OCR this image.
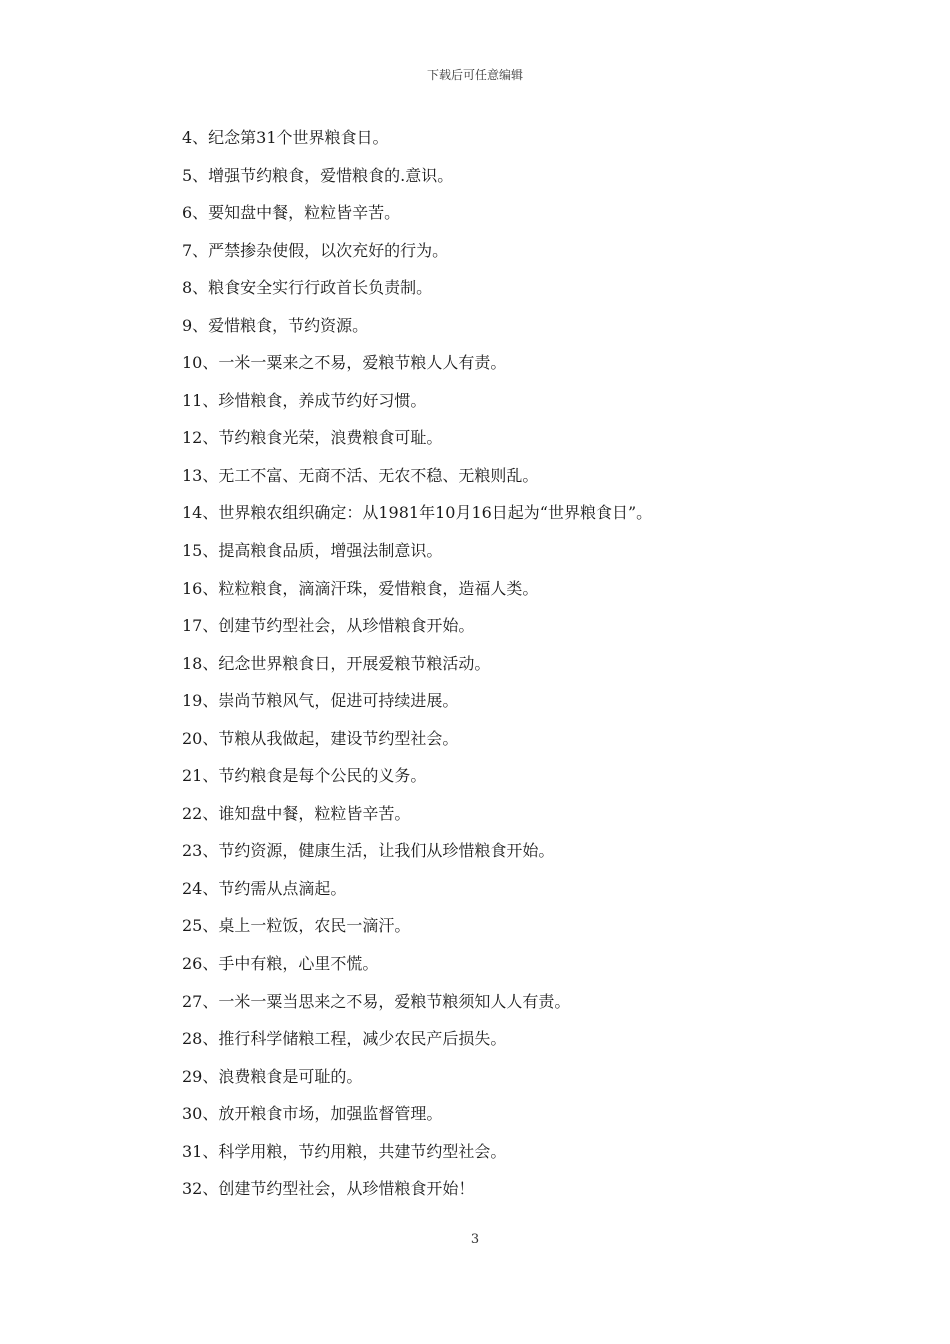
下载后可任意编辑
4、纪念第31个世界粮食日。
5、增强节约粮食，爱惜粮食的.意识。
6、要知盘中餐，粒粒皆辛苦。
7、严禁掺杂使假，以次充好的行为。
8、粮食安全实行行政首长负责制。
9、爱惜粮食，节约资源。
10、一米一粟来之不易，爱粮节粮人人有责。
11、珍惜粮食，养成节约好习惯。
12、节约粮食光荣，浪费粮食可耻。
13、无工不富、无商不活、无农不稳、无粮则乱。
14、世界粮农组织确定：从1981年10月16日起为“世界粮食日”。
15、提高粮食品质，增强法制意识。
16、粒粒粮食，滴滴汗珠，爱惜粮食，造福人类。
17、创建节约型社会，从珍惜粮食开始。
18、纪念世界粮食日，开展爱粮节粮活动。
19、崇尚节粮风气，促进可持续进展。
20、节粮从我做起，建设节约型社会。
21、节约粮食是每个公民的义务。
22、谁知盘中餐，粒粒皆辛苦。
23、节约资源，健康生活，让我们从珍惜粮食开始。
24、节约需从点滴起。
25、桌上一粒饭，农民一滴汗。
26、手中有粮，心里不慌。
27、一米一粟当思来之不易，爱粮节粮须知人人有责。
28、推行科学储粮工程，减少农民产后损失。
29、浪费粮食是可耻的。
30、放开粮食市场，加强监督管理。
31、科学用粮，节约用粮，共建节约型社会。
32、创建节约型社会，从珍惜粮食开始！
3
